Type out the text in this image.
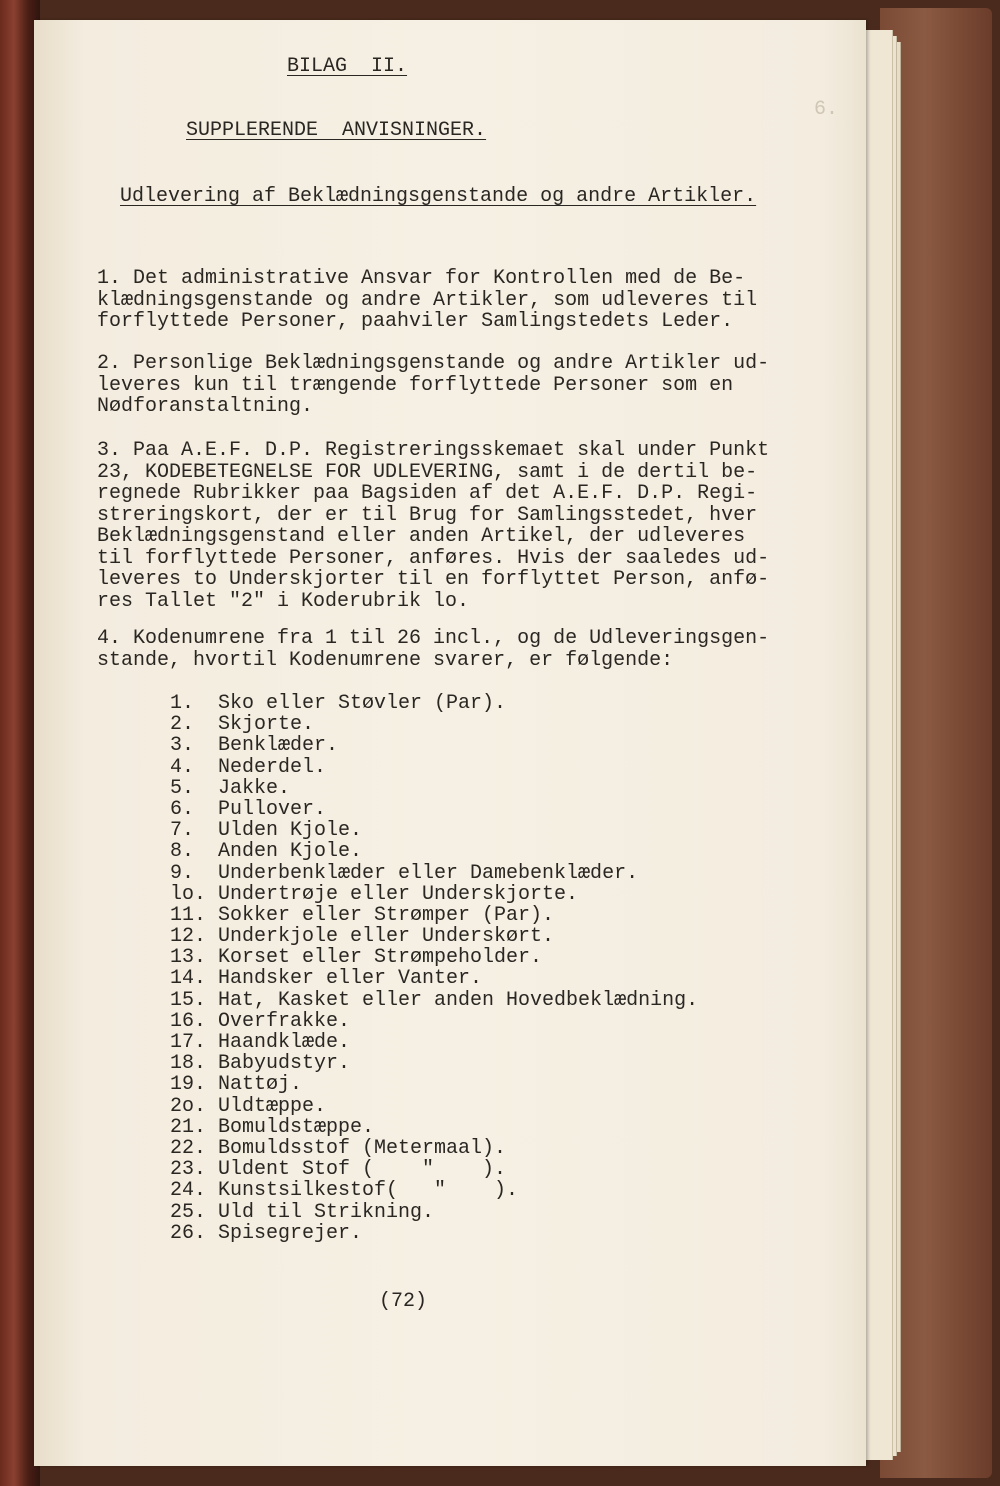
6.
BILAG  II.
SUPPLERENDE  ANVISNINGER.
Udlevering af Beklædningsgenstande og andre Artikler.
1. Det administrative Ansvar for Kontrollen med de Be-
klædningsgenstande og andre Artikler, som udleveres til
forflyttede Personer, paahviler Samlingstedets Leder.
2. Personlige Beklædningsgenstande og andre Artikler ud-
leveres kun til trængende forflyttede Personer som en
Nødforanstaltning.
3. Paa A.E.F. D.P. Registreringsskemaet skal under Punkt
23, KODEBETEGNELSE FOR UDLEVERING, samt i de dertil be-
regnede Rubrikker paa Bagsiden af det A.E.F. D.P. Regi-
streringskort, der er til Brug for Samlingsstedet, hver
Beklædningsgenstand eller anden Artikel, der udleveres
til forflyttede Personer, anføres. Hvis der saaledes ud-
leveres to Underskjorter til en forflyttet Person, anfø-
res Tallet "2" i Koderubrik lo.
4. Kodenumrene fra 1 til 26 incl., og de Udleveringsgen-
stande, hvortil Kodenumrene svarer, er følgende:
1.	Sko eller Støvler (Par).
2.	Skjorte.
3.	Benklæder.
4.	Nederdel.
5.	Jakke.
6.	Pullover.
7.	Ulden Kjole.
8.	Anden Kjole.
9.	Underbenklæder eller Damebenklæder.
lo. Undertrøje eller Underskjorte.
11. Sokker eller Strømper (Par).
12. Underkjole eller Underskørt.
13. Korset eller Strømpeholder.
14. Handsker eller Vanter.
15. Hat, Kasket eller anden Hovedbeklædning.
16. Overfrakke.
17. Haandklæde.
18. Babyudstyr.
19. Nattøj.
2o. Uldtæppe.
21. Bomuldstæppe.
22. Bomuldsstof (Metermaal).
23. Uldent Stof (    "    ).
24. Kunstsilkestof(   "    ).
25. Uld til Strikning.
26. Spisegrejer.
(72)
